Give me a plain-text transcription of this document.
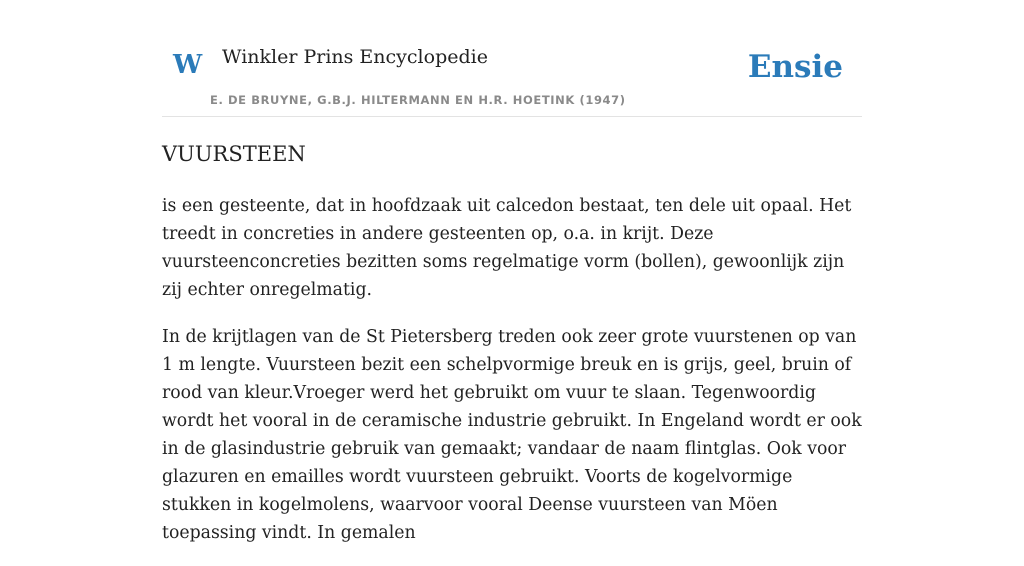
W Winkler Prins Encyclopedie
E. DE BRUYNE, G.B.J. HILTERMANN EN H.R. HOETINK (1947)
Ensie
VUURSTEEN

is een gesteente, dat in hoofdzaak uit calcedon bestaat, ten dele uit opaal. Het treedt in concreties in andere gesteenten op, o.a. in krijt. Deze vuursteenconcreties bezitten soms regelmatige vorm (bollen), gewoonlijk zijn zij echter onregelmatig.

In de krijtlagen van de St Pietersberg treden ook zeer grote vuurstenen op van 1 m lengte. Vuursteen bezit een schelpvormige breuk en is grijs, geel, bruin of rood van kleur.Vroeger werd het gebruikt om vuur te slaan. Tegenwoordig wordt het vooral in de ceramische industrie gebruikt. In Engeland wordt er ook in de glasindustrie gebruik van gemaakt; vandaar de naam flintglas. Ook voor glazuren en emailles wordt vuursteen gebruikt. Voorts de kogelvormige stukken in kogelmolens, waarvoor vooral Deense vuursteen van Möen toepassing vindt. In gemalen
